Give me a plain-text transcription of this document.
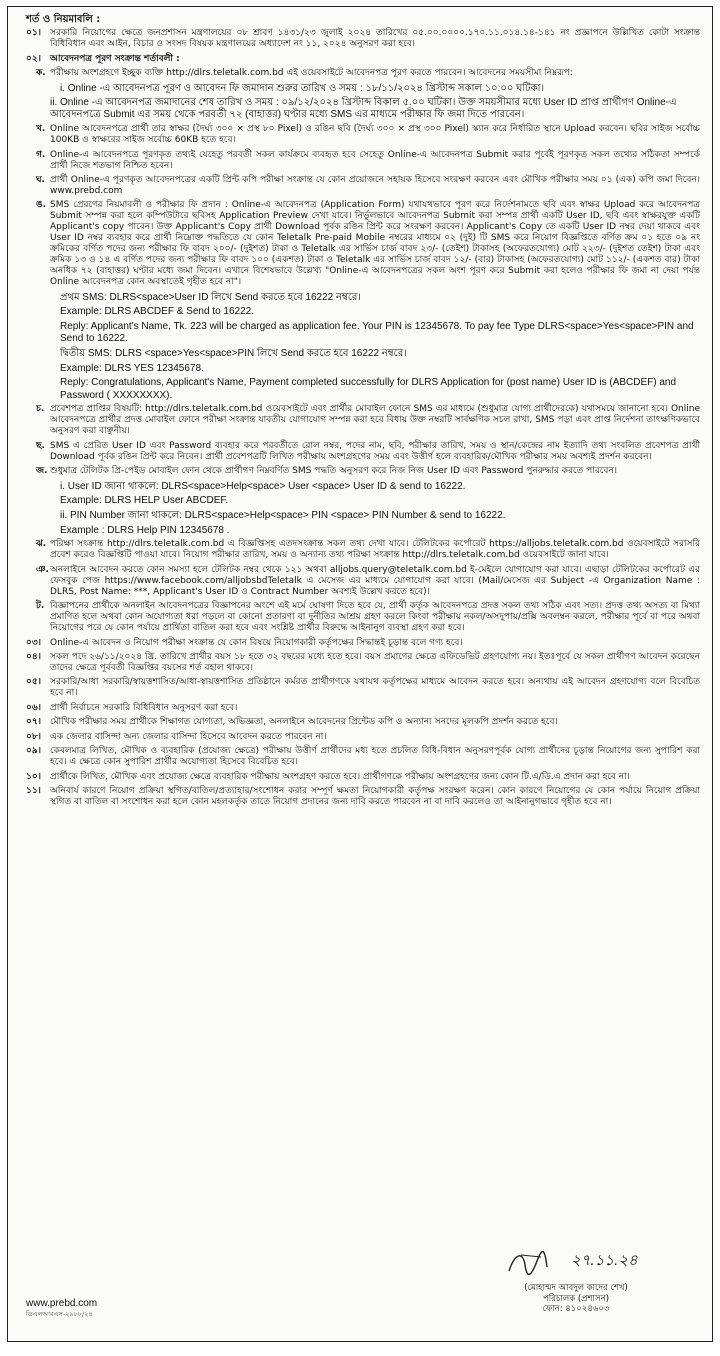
শর্ত ও নিয়মাবলি :
০১।	সরকারি নিয়োগের ক্ষেত্রে জনপ্রশাসন মন্ত্রণালয়ের ০৮ শ্রাবণ ১৪৩১/২৩ জুলাই ২০২৪ তারিখের ০৫.০০.০০০০.১৭০.১১.০১৪.১৪-১৪১ নং প্রজ্ঞাপনে উল্লিখিত কোটা সংক্রান্ত বিধিবিধান এবং আইন, বিচার ও সংসদ বিষয়ক মন্ত্রণালয়ের অধ্যাদেশ নং ১১, ২০২৪ অনুসরণ করা হবে।
০২।	আবেদনপত্র পূরণ সংক্রান্ত শর্তাবলী :
ক. পরীক্ষায় অংশগ্রহণে ইচ্ছুক ব্যক্তি http://dlrs.teletalk.com.bd এই ওয়েবসাইটে আবেদনপত্র পূরণ করতে পারবেন। আবেদনের সময়সীমা নিম্নরূপ:
i. Online -এ আবেদনপত্র পূরণ ও আবেদন ফি জমাদান শুরুর তারিখ ও সময় : ১৮/১১/২০২৪ খ্রিস্টাব্দ সকাল ১০:০০ ঘটিকা।
ii. Online -এ আবেদনপত্র জমাদানের শেষ তারিখ ও সময় : ০৯/১২/২০২৪ খ্রিস্টাব্দ বিকাল ৫.০০ ঘটিকা। উক্ত সময়সীমার মধ্যে User ID প্রাপ্ত প্রার্থীগণ Online-এ আবেদনপত্রে Submit এর সময় থেকে পরবর্তী ৭২ (বাহাত্তর) ঘণ্টার মধ্যে SMS এর মাধ্যমে পরীক্ষার ফি জমা দিতে পারবেন।
খ. Online আবেদনপত্রে প্রার্থী তার স্বাক্ষর (দৈর্ঘ্য ৩০০ × প্রস্থ ৮০ Pixel) ও রঙিন ছবি (দৈর্ঘ্য ৩০০ × প্রস্থ ৩০০ Pixel) স্ক্যান করে নির্ধারিত স্থানে Upload করবেন। ছবির সাইজ সর্বোচ্চ 100KB ও স্বাক্ষরের সাইজ সর্বোচ্চ 60KB হতে হবে।
গ. Online-এ আবেদনপত্রে পূরণকৃত তথ্যই যেহেতু পরবর্তী সকল কার্যক্রমে ব্যবহৃত হবে সেহেতু Online-এ আবেদনপত্র Submit করার পূর্বেই পূরণকৃত সকল তথ্যের সঠিকতা সম্পর্কে প্রার্থী নিজে শতভাগ নিশ্চিত হবেন।
ঘ. প্রার্থী Online-এ পূরণকৃত আবেদনপত্রের একটি প্রিন্ট কপি পরীক্ষা সংক্রান্ত যে কোন প্রয়োজনে সহায়ক হিসেবে সংরক্ষণ করবেন এবং মৌখিক পরীক্ষার সময় ০১ (এক) কপি জমা দিবেন। www.prebd.com
ঙ. SMS প্রেরণের নিয়মাবলী ও পরীক্ষার ফি প্রদান : Online-এ আবেদনপত্র (Application Form) যথাযথভাবে পূরণ করে নির্দেশনামতে ছবি এবং স্বাক্ষর Upload করে আবেদনপত্র Submit সম্পন্ন করা হলে কম্পিউটারে ছবিসহ Application Preview দেখা যাবে। নির্ভুলভাবে আবেদনপত্র Submit করা সম্পন্ন প্রার্থী একটি User ID, ছবি এবং স্বাক্ষরযুক্ত একটি Applicant's copy পাবেন। উক্ত Applicant's Copy প্রার্থী Download পূর্বক রঙিন প্রিন্ট করে সংরক্ষণ করবেন। Applicant's Copy তে একটি User ID নম্বর দেয়া থাকবে এবং User ID নম্বর ব্যবহার করে প্রার্থী নিম্নোক্ত পদ্ধতিতে যে কোন Teletalk Pre-paid Mobile নম্বরের মাধ্যমে ০২ (দুই) টি SMS করে নিয়োগ বিজ্ঞপ্তিতে বর্ণিত ক্রম ০১ হতে ০৯ নং ক্রমিকের বর্ণিত পদের জন্য পরীক্ষার ফি বাবদ ২০০/- (দুইশত) টাকা ও Teletalk এর সার্ভিস চার্জ বাবদ ২৩/- (তেইশ) টাকাসহ (অফেরতযোগ্য) মোট ২২৩/- (দুইশত তেইশ) টাকা এবং ক্রমিক ১৩ ও ১৪ এ বর্ণিত পদের জন্য পরীক্ষার ফি বাবদ ১০০ (একশত) টাকা ও Teletalk এর সার্ভিস চার্জ বাবদ ১২/- (বার) টাকাসহ (অফেরতযোগ্য) মোট ১১২/- (একশত বার) টাকা অনধিক ৭২ (বাহাত্তর) ঘণ্টার মধ্যে জমা দিবেন। এখানে বিশেষভাবে উল্লেখ্য "Online-এ আবেদনপত্রের সকল অংশ পূরণ করে Submit করা হলেও পরীক্ষার ফি জমা না দেয়া পর্যন্ত Online আবেদনপত্র কোন অবস্থাতেই গৃহীত হবে না"।
প্রথম SMS: DLRS<space>User ID লিখে Send করতে হবে 16222 নম্বরে।
Example: DLRS ABCDEF & Send to 16222.
Reply: Applicant's Name, Tk. 223 will be charged as application fee. Your PIN is 12345678. To pay fee Type DLRS<space>Yes<space>PIN and Send to 16222.
দ্বিতীয় SMS: DLRS <space>Yes<space>PIN লিখে Send করতে হবে 16222 নম্বরে।
Example: DLRS YES 12345678.
Reply: Congratulations, Applicant's Name, Payment completed successfully for DLRS Application for (post name) User ID is (ABCDEF) and Password ( XXXXXXXX).
চ. প্রবেশপত্র প্রাপ্তির বিষয়টি: http://dlrs.teletalk.com.bd ওয়েবসাইটে এবং প্রার্থীর মোবাইল ফোনে SMS এর মাধ্যমে (শুধুমাত্র যোগ্য প্রার্থীদেরকে) যথাসময়ে জানানো হবে। Online আবেদনপত্রে প্রার্থীর প্রদত্ত মোবাইল ফোনে পরীক্ষা সংক্রান্ত যাবতীয় যোগাযোগ সম্পন্ন করা হবে বিধায় উক্ত নম্বরটি সার্বক্ষণিক সচল রাখা, SMS পড়া এবং প্রাপ্ত নির্দেশনা তাৎক্ষণিকভাবে অনুসরণ করা বাঞ্ছনীয়।
ছ. SMS এ প্রেরিত User ID এবং Password ব্যবহার করে পরবর্তীতে রোল নম্বর, পদের নাম, ছবি, পরীক্ষার তারিখ, সময় ও স্থান/কেন্দ্রের নাম ইত্যাদি তথ্য সংবলিত প্রবেশপত্র প্রার্থী Download পূর্বক রঙিন প্রিন্ট করে নিবেন। প্রার্থী প্রবেশপত্রটি লিখিত পরীক্ষায় অংশগ্রহণের সময় এবং উত্তীর্ণ হলে ব্যবহারিক/মৌখিক পরীক্ষার সময় অবশ্যই প্রদর্শন করবেন।
জ. শুধুমাত্র টেলিটক প্রি-পেইড মোবাইল ফোন থেকে প্রার্থীগণ নিম্নবর্ণিত SMS পদ্ধতি অনুসরণ করে নিজ নিজ User ID এবং Password পুনরুদ্ধার করতে পারবেন।
i. User ID জানা থাকলে: DLRS<space>Help<space> User <space> User ID & send to 16222.
Example: DLRS HELP User ABCDEF.
ii. PIN Number জানা থাকলে: DLRS<space>Help<space> PIN <space> PIN Number & send to 16222.
Example : DLRS Help PIN 12345678 .
ঝ. পরিক্ষা সংক্রান্ত http://dlrs.teletalk.com.bd এ বিজ্ঞপ্তিসহ এতদসংক্রান্ত সকল তথ্য দেখা যাবে। টেলিটকের কর্পোরেট https://alljobs.teletalk.com.bd ওয়েবসাইটে সরাসরি প্রবেশ করেও বিজ্ঞপ্তিটি পাওয়া যাবে। নিয়োগ পরীক্ষার তারিখ, সময় ও অন্যান্য তথ্য পরিক্ষা সংক্রান্ত http://dlrs.teletalk.com.bd ওয়েবসাইটে জানা যাবে।
ঞ. অনলাইনে আবেদন করতে কোন সমস্যা হলে টেলিটক নম্বর থেকে ১২১ অথবা alljobs.query@teletalk.com.bd ই-মেইলে যোগাযোগ করা যাবে। এছাড়া টেলিটকের কর্পোরেট এর ফেসবুক পেজ https://www.facebook.com/alljobsbdTeletalk এ মেসেজ এর মাধ্যমে যোগাযোগ করা যাবে। (Mail/মেসেজ এর Subject -এ Organization Name : DLRS, Post Name: ***, Applicant's User ID ও Contract Number অবশ্যই উল্লেখ করতে হবে)।
ট. বিজ্ঞাপনের প্রার্থীকে অনলাইন আবেদনপত্রের বিজ্ঞাপনের অংশে এই মর্মে ঘোষণা দিতে হবে যে, প্রার্থী কর্তৃক আবেদনপত্রে প্রদত্ত সকল তথ্য সঠিক এবং সত্য। প্রদত্ত তথ্য অসত্য বা মিথ্যা প্রমাণিত হলে অথবা কোন অযোগ্যতা ধরা পড়লে বা কোনো প্রতারণা বা দুর্নীতির আশ্রয় গ্রহণ করলে কিংবা পরীক্ষায় নকল/অসদুপায়/প্রক্সি অবলম্বন করলে, পরীক্ষার পূর্বে বা পরে অথবা নিয়োগের পরে যে কোন পর্যায়ে প্রার্থিতা বাতিল করা হবে এবং সংশ্লিষ্ট প্রার্থীর বিরুদ্ধে আইনানুগ ব্যবস্থা গ্রহণ করা হবে।
০৩।	Online-এ আবেদন ও নিয়োগ পরীক্ষা সংক্রান্ত যে কোন বিষয়ে নিয়োগকারী কর্তৃপক্ষের সিদ্ধান্তই চূড়ান্ত বলে গণ্য হবে।
০৪।	সকল পদে ২৬/১১/২০২৪ খ্রি. তারিখে প্রার্থীর বয়স ১৮ হতে ৩২ বছরের মধ্যে হতে হবে। বয়স প্রমাণের ক্ষেত্রে এফিডেভিট গ্রহণযোগ্য নয়। ইতঃপূর্বে যে সকল প্রার্থীগণ আবেদন করেছেন তাদের ক্ষেত্রে পূর্ববর্তী বিজ্ঞপ্তির বয়সের শর্ত বহাল থাকবে।
০৫।	সরকারি/আধা সরকারি/স্বায়ত্তশাসিত/আধা-স্বায়ত্তশাসিত প্রতিষ্ঠানে কর্মরত প্রার্থীগণকে যথাযথ কর্তৃপক্ষের মাধ্যমে আবেদন করতে হবে। অন্যথায় এই আবেদন গ্রহণযোগ্য বলে বিবেচিত হবে না।
০৬।	প্রার্থী নির্বাচনে সরকারি বিধিবিধান অনুসরণ করা হবে।
০৭।	মৌখিক পরীক্ষার সময় প্রার্থীকে শিক্ষাগত যোগ্যতা, অভিজ্ঞতা, অনলাইনে আবেদনের প্রিন্টেড কপি ও অন্যান্য সনদের মূলকপি প্রদর্শন করতে হবে।
০৮।	এক জেলার বাসিন্দা অন্য জেলার বাসিন্দা হিসেবে আবেদন করতে পারবেন না।
০৯।	কেবলমাত্র লিখিত, মৌখিক ও ব্যবহারিক (প্রযোজ্য ক্ষেত্রে) পরীক্ষায় উত্তীর্ণ প্রার্থীদের মধ্য হতে প্রচলিত বিধি-বিধান অনুসরণপূর্বক যোগ্য প্রার্থীদের চূড়ান্ত নিয়োগের জন্য সুপারিশ করা হবে। এ ক্ষেত্রে কোন সুপারিশ প্রার্থীর অযোগ্যতা হিসেবে বিবেচিত হবে।
১০।	প্রার্থীকে লিখিত, মৌখিক এবং প্রযোজ্য ক্ষেত্রে ব্যবহারিক পরীক্ষায় অংশগ্রহণ করতে হবে। প্রার্থীগণকে পরীক্ষায় অংশগ্রহণের জন্য কোন টি.এ/ডি.এ প্রদান করা হবে না।
১১।	অনিবার্য কারণে নিয়োগ প্রক্রিয়া স্থগিত/বাতিল/প্রত্যাহার/সংশোধন করার সম্পূর্ণ ক্ষমতা নিয়োগকারী কর্তৃপক্ষ সংরক্ষণ করেন। কোন কারণে নিয়োগের যে কোন পর্যায়ে নিয়োগ প্রক্রিয়া স্থগিত বা বাতিল বা সংশোধন করা হলে কোন মহলকর্তৃক তাতে নিয়োগ প্রদানের জন্য দাবি করতে পারবেন না বা দাবি করলেও তা আইনানুগভাবে গৃহীত হবে না।
২৭.১১.২৪
(মোহাম্মদ আবদুল কাদের শেখ)
পরিচালক (প্রশাসন)
ফোন: ৪১০২৪৬০৩
www.prebd.com
ডিএলআরএস-২৯৮৮/২৪
